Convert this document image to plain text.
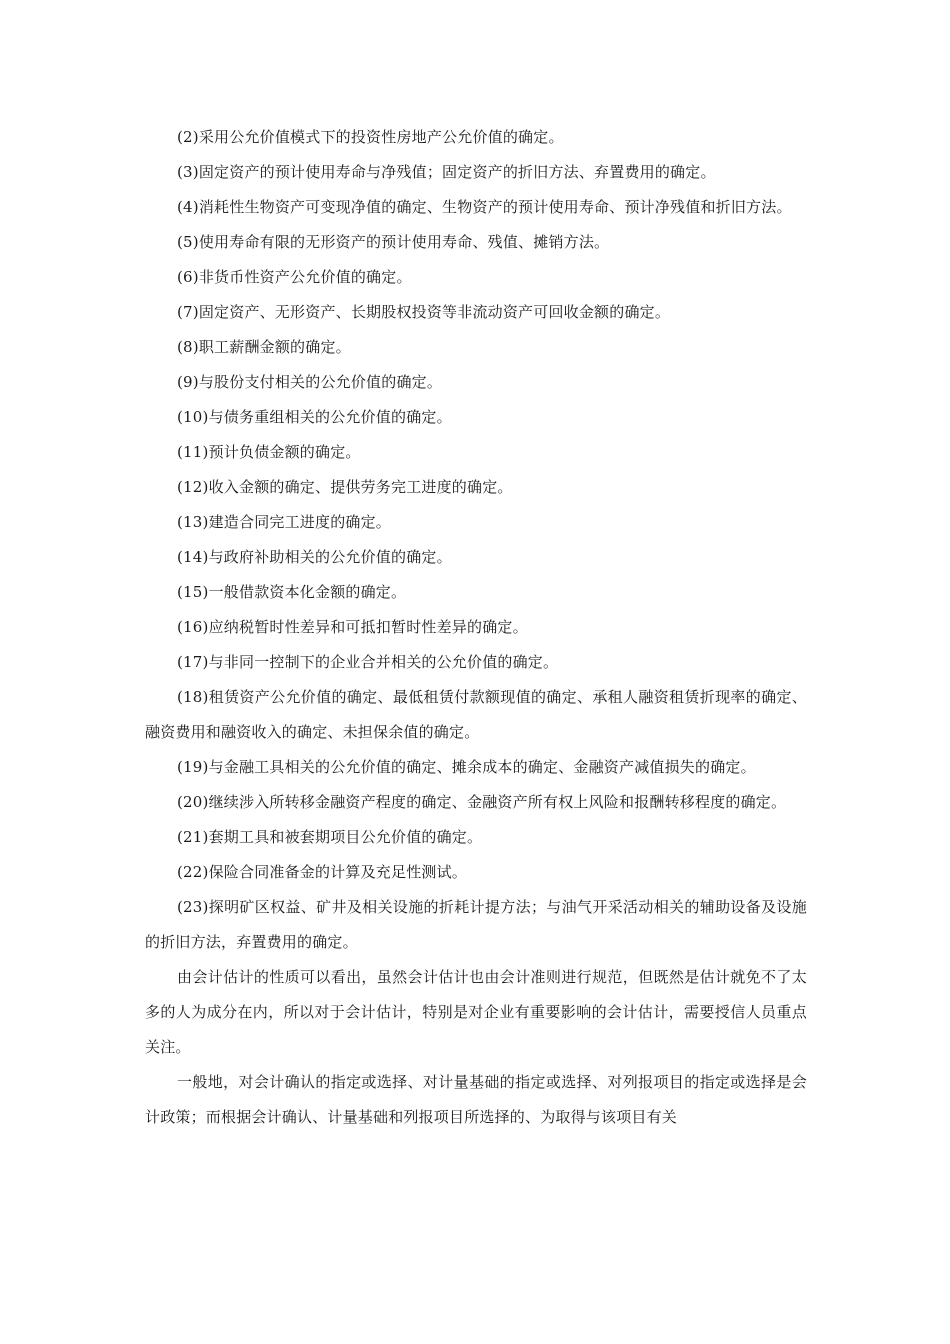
(2)采用公允价值模式下的投资性房地产公允价值的确定。

(3)固定资产的预计使用寿命与净残值；固定资产的折旧方法、弃置费用的确定。

(4)消耗性生物资产可变现净值的确定、生物资产的预计使用寿命、预计净残值和折旧方法。

(5)使用寿命有限的无形资产的预计使用寿命、残值、摊销方法。

(6)非货币性资产公允价值的确定。

(7)固定资产、无形资产、长期股权投资等非流动资产可回收金额的确定。

(8)职工薪酬金额的确定。

(9)与股份支付相关的公允价值的确定。

(10)与债务重组相关的公允价值的确定。

(11)预计负债金额的确定。

(12)收入金额的确定、提供劳务完工进度的确定。

(13)建造合同完工进度的确定。

(14)与政府补助相关的公允价值的确定。

(15)一般借款资本化金额的确定。

(16)应纳税暂时性差异和可抵扣暂时性差异的确定。

(17)与非同一控制下的企业合并相关的公允价值的确定。

(18)租赁资产公允价值的确定、最低租赁付款额现值的确定、承租人融资租赁折现率的确定、融资费用和融资收入的确定、未担保余值的确定。

(19)与金融工具相关的公允价值的确定、摊余成本的确定、金融资产减值损失的确定。

(20)继续涉入所转移金融资产程度的确定、金融资产所有权上风险和报酬转移程度的确定。

(21)套期工具和被套期项目公允价值的确定。

(22)保险合同准备金的计算及充足性测试。

(23)探明矿区权益、矿井及相关设施的折耗计提方法；与油气开采活动相关的辅助设备及设施的折旧方法，弃置费用的确定。

由会计估计的性质可以看出，虽然会计估计也由会计准则进行规范，但既然是估计就免不了太多的人为成分在内，所以对于会计估计，特别是对企业有重要影响的会计估计，需要授信人员重点关注。

一般地，对会计确认的指定或选择、对计量基础的指定或选择、对列报项目的指定或选择是会计政策；而根据会计确认、计量基础和列报项目所选择的、为取得与该项目有关
